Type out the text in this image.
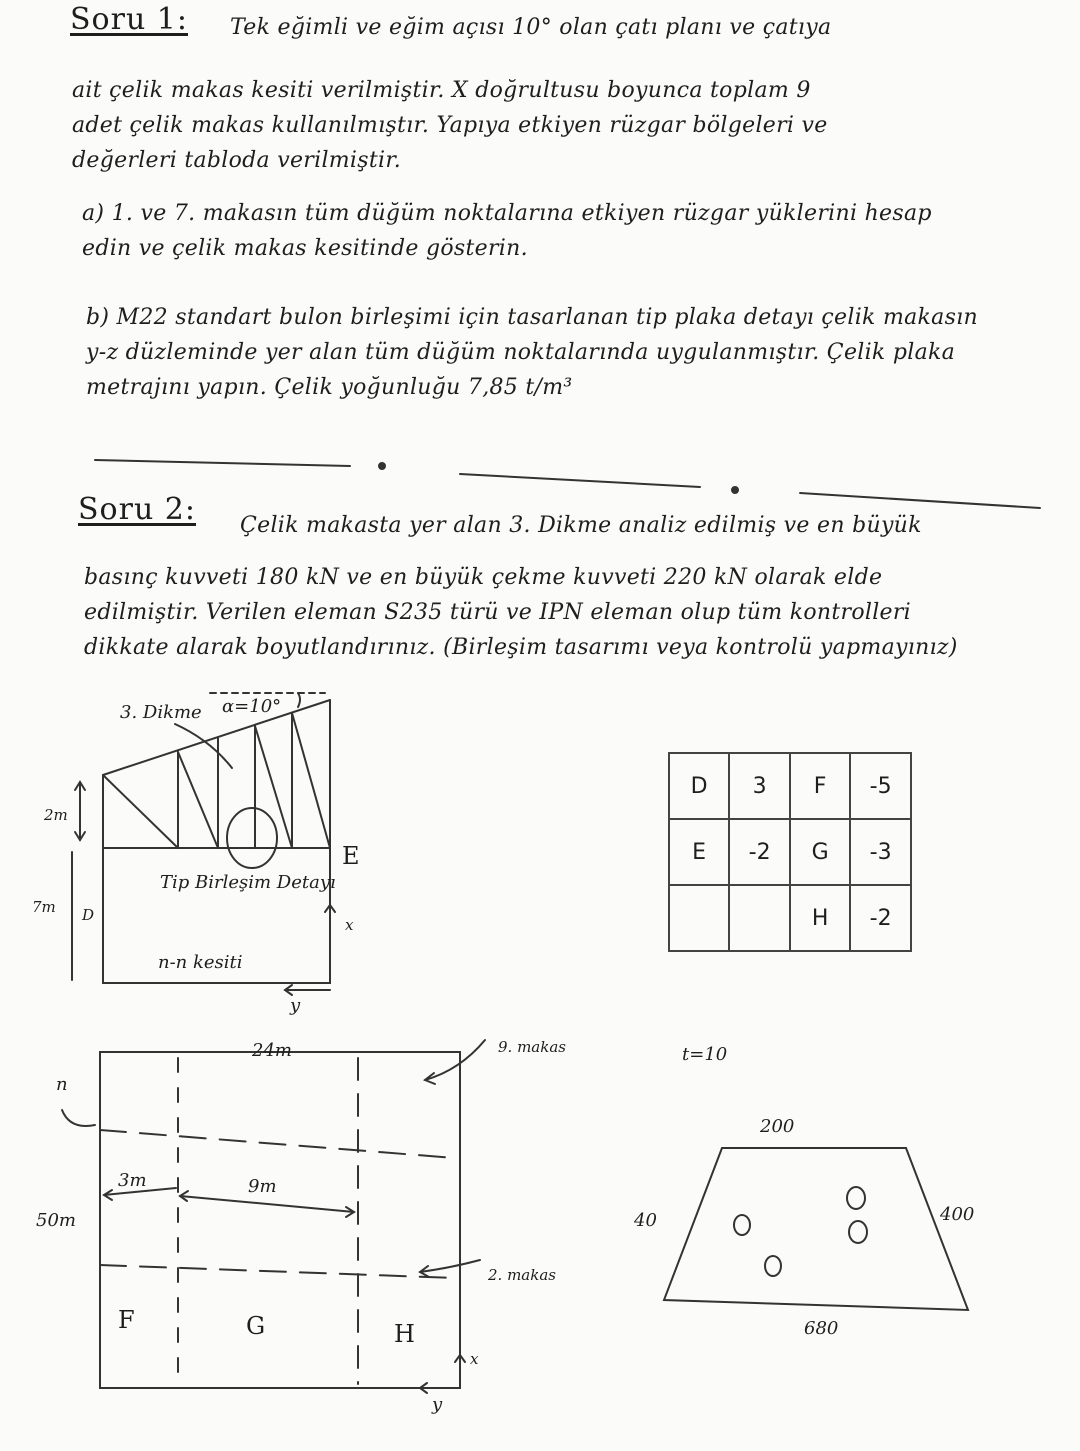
Soru 1: Tek eğimli ve eğim açısı 10° olan çatı planı ve çatıya
ait çelik makas kesiti verilmiştir. X doğrultusu boyunca toplam 9
adet çelik makas kullanılmıştır. Yapıya etkiyen rüzgar bölgeleri ve
değerleri tabloda verilmiştir.
a) 1. ve 7. makasın tüm düğüm noktalarına etkiyen rüzgar yüklerini hesap
edin ve çelik makas kesitinde gösterin.
b) M22 standart bulon birleşimi için tasarlanan tip plaka detayı çelik makasın
y-z düzleminde yer alan tüm düğüm noktalarında uygulanmıştır. Çelik plaka
metrajını yapın. Çelik yoğunluğu 7,85 t/m³
Soru 2: Çelik makasta yer alan 3. Dikme analiz edilmiş ve en büyük
basınç kuvveti 180 kN ve en büyük çekme kuvveti 220 kN olarak elde
edilmiştir. Verilen eleman S235 türü ve IPN eleman olup tüm kontrolleri
dikkate alarak boyutlandırınız. (Birleşim tasarımı veya kontrolü yapmayınız)
3. Dikme α=10°
2m
7m D
E
Tip Birleşim Detayı
n-n kesiti
x
y
D	3	F	-5
E	-2	G	-3
		H	-2
24m
50m
3m	9m
9. makas
2. makas
F	G	H
n
x
y
t=10
200
40	400
680
